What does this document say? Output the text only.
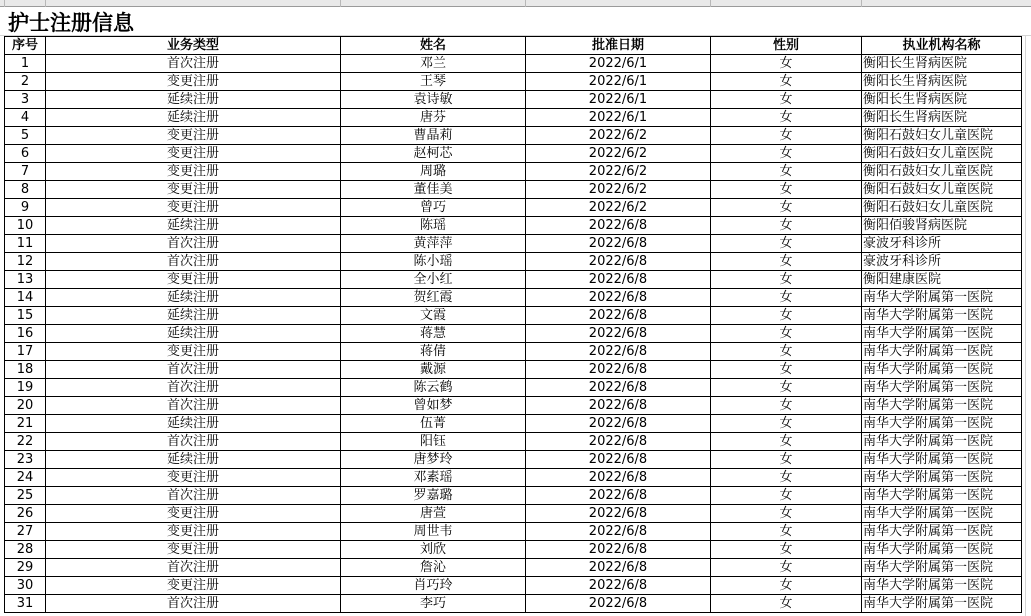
护士注册信息
序号	业务类型	姓名	批准日期	性别	执业机构名称
1	首次注册	邓兰	2022/6/1	女	衡阳长生肾病医院
2	变更注册	王琴	2022/6/1	女	衡阳长生肾病医院
3	延续注册	袁诗敏	2022/6/1	女	衡阳长生肾病医院
4	延续注册	唐芬	2022/6/1	女	衡阳长生肾病医院
5	变更注册	曹晶莉	2022/6/2	女	衡阳石鼓妇女儿童医院
6	变更注册	赵柯芯	2022/6/2	女	衡阳石鼓妇女儿童医院
7	变更注册	周璐	2022/6/2	女	衡阳石鼓妇女儿童医院
8	变更注册	董佳美	2022/6/2	女	衡阳石鼓妇女儿童医院
9	变更注册	曾巧	2022/6/2	女	衡阳石鼓妇女儿童医院
10	延续注册	陈瑶	2022/6/8	女	衡阳佰骏肾病医院
11	首次注册	黄萍萍	2022/6/8	女	豪波牙科诊所
12	首次注册	陈小瑶	2022/6/8	女	豪波牙科诊所
13	变更注册	全小红	2022/6/8	女	衡阳建康医院
14	延续注册	贺红霞	2022/6/8	女	南华大学附属第一医院
15	延续注册	文霞	2022/6/8	女	南华大学附属第一医院
16	延续注册	蒋慧	2022/6/8	女	南华大学附属第一医院
17	变更注册	蒋倩	2022/6/8	女	南华大学附属第一医院
18	首次注册	戴源	2022/6/8	女	南华大学附属第一医院
19	首次注册	陈云鹤	2022/6/8	女	南华大学附属第一医院
20	首次注册	曾如梦	2022/6/8	女	南华大学附属第一医院
21	延续注册	伍菁	2022/6/8	女	南华大学附属第一医院
22	首次注册	阳钰	2022/6/8	女	南华大学附属第一医院
23	延续注册	唐梦玲	2022/6/8	女	南华大学附属第一医院
24	变更注册	邓素瑶	2022/6/8	女	南华大学附属第一医院
25	首次注册	罗嘉璐	2022/6/8	女	南华大学附属第一医院
26	变更注册	唐萱	2022/6/8	女	南华大学附属第一医院
27	变更注册	周世韦	2022/6/8	女	南华大学附属第一医院
28	变更注册	刘欣	2022/6/8	女	南华大学附属第一医院
29	首次注册	詹沁	2022/6/8	女	南华大学附属第一医院
30	变更注册	肖巧玲	2022/6/8	女	南华大学附属第一医院
31	首次注册	李巧	2022/6/8	女	南华大学附属第一医院
